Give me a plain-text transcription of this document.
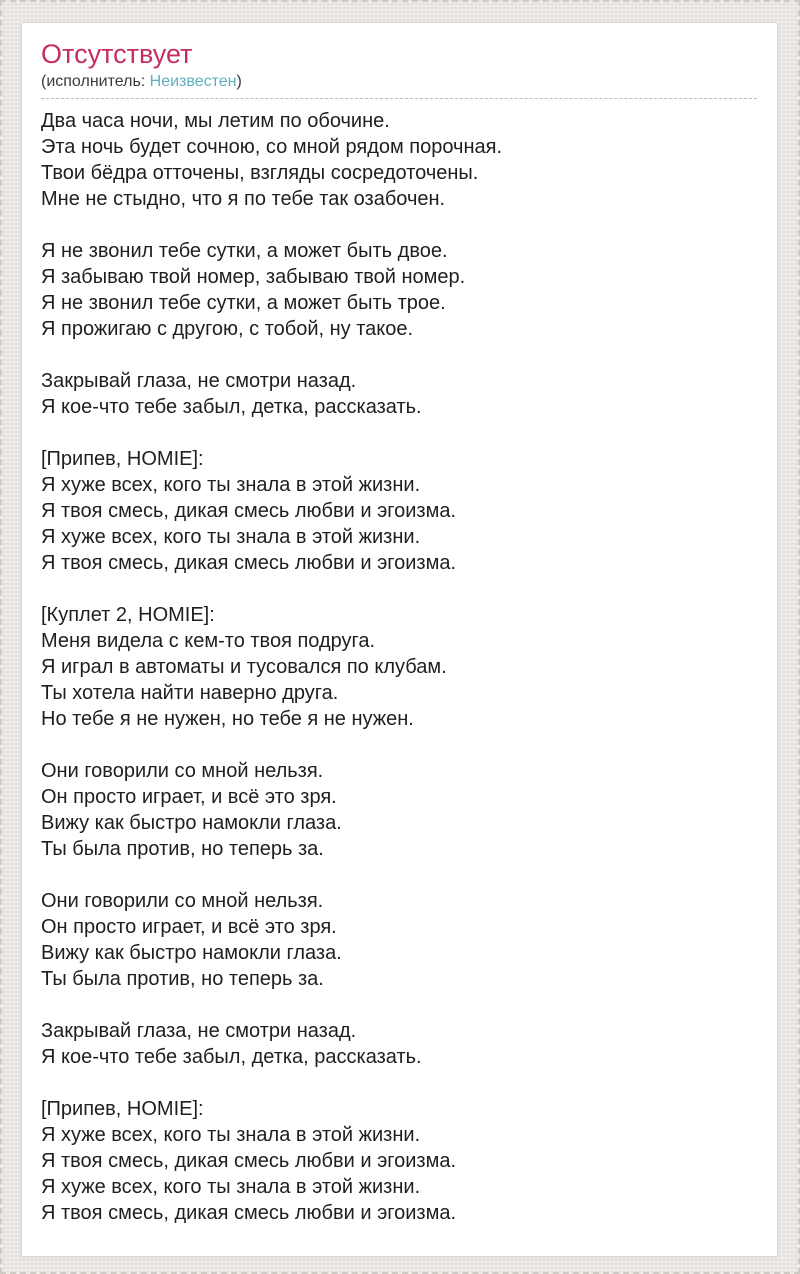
Отсутствует

(исполнитель: Неизвестен)

Два часа ночи, мы летим по обочине.
Эта ночь будет сочною, со мной рядом порочная.
Твои бёдра отточены, взгляды сосредоточены.
Мне не стыдно, что я по тебе так озабочен.

Я не звонил тебе сутки, а может быть двое.
Я забываю твой номер, забываю твой номер.
Я не звонил тебе сутки, а может быть трое.
Я прожигаю с другою, с тобой, ну такое.

Закрывай глаза, не смотри назад.
Я кое-что тебе забыл, детка, рассказать.

[Припев, HOMIE]:
Я хуже всех, кого ты знала в этой жизни.
Я твоя смесь, дикая смесь любви и эгоизма.
Я хуже всех, кого ты знала в этой жизни.
Я твоя смесь, дикая смесь любви и эгоизма.

[Куплет 2, HOMIE]:
Меня видела с кем-то твоя подруга.
Я играл в автоматы и тусовался по клубам.
Ты хотела найти наверно друга.
Но тебе я не нужен, но тебе я не нужен.

Они говорили со мной нельзя.
Он просто играет, и всё это зря.
Вижу как быстро намокли глаза.
Ты была против, но теперь за.

Они говорили со мной нельзя.
Он просто играет, и всё это зря.
Вижу как быстро намокли глаза.
Ты была против, но теперь за.

Закрывай глаза, не смотри назад.
Я кое-что тебе забыл, детка, рассказать.

[Припев, HOMIE]:
Я хуже всех, кого ты знала в этой жизни.
Я твоя смесь, дикая смесь любви и эгоизма.
Я хуже всех, кого ты знала в этой жизни.
Я твоя смесь, дикая смесь любви и эгоизма.
